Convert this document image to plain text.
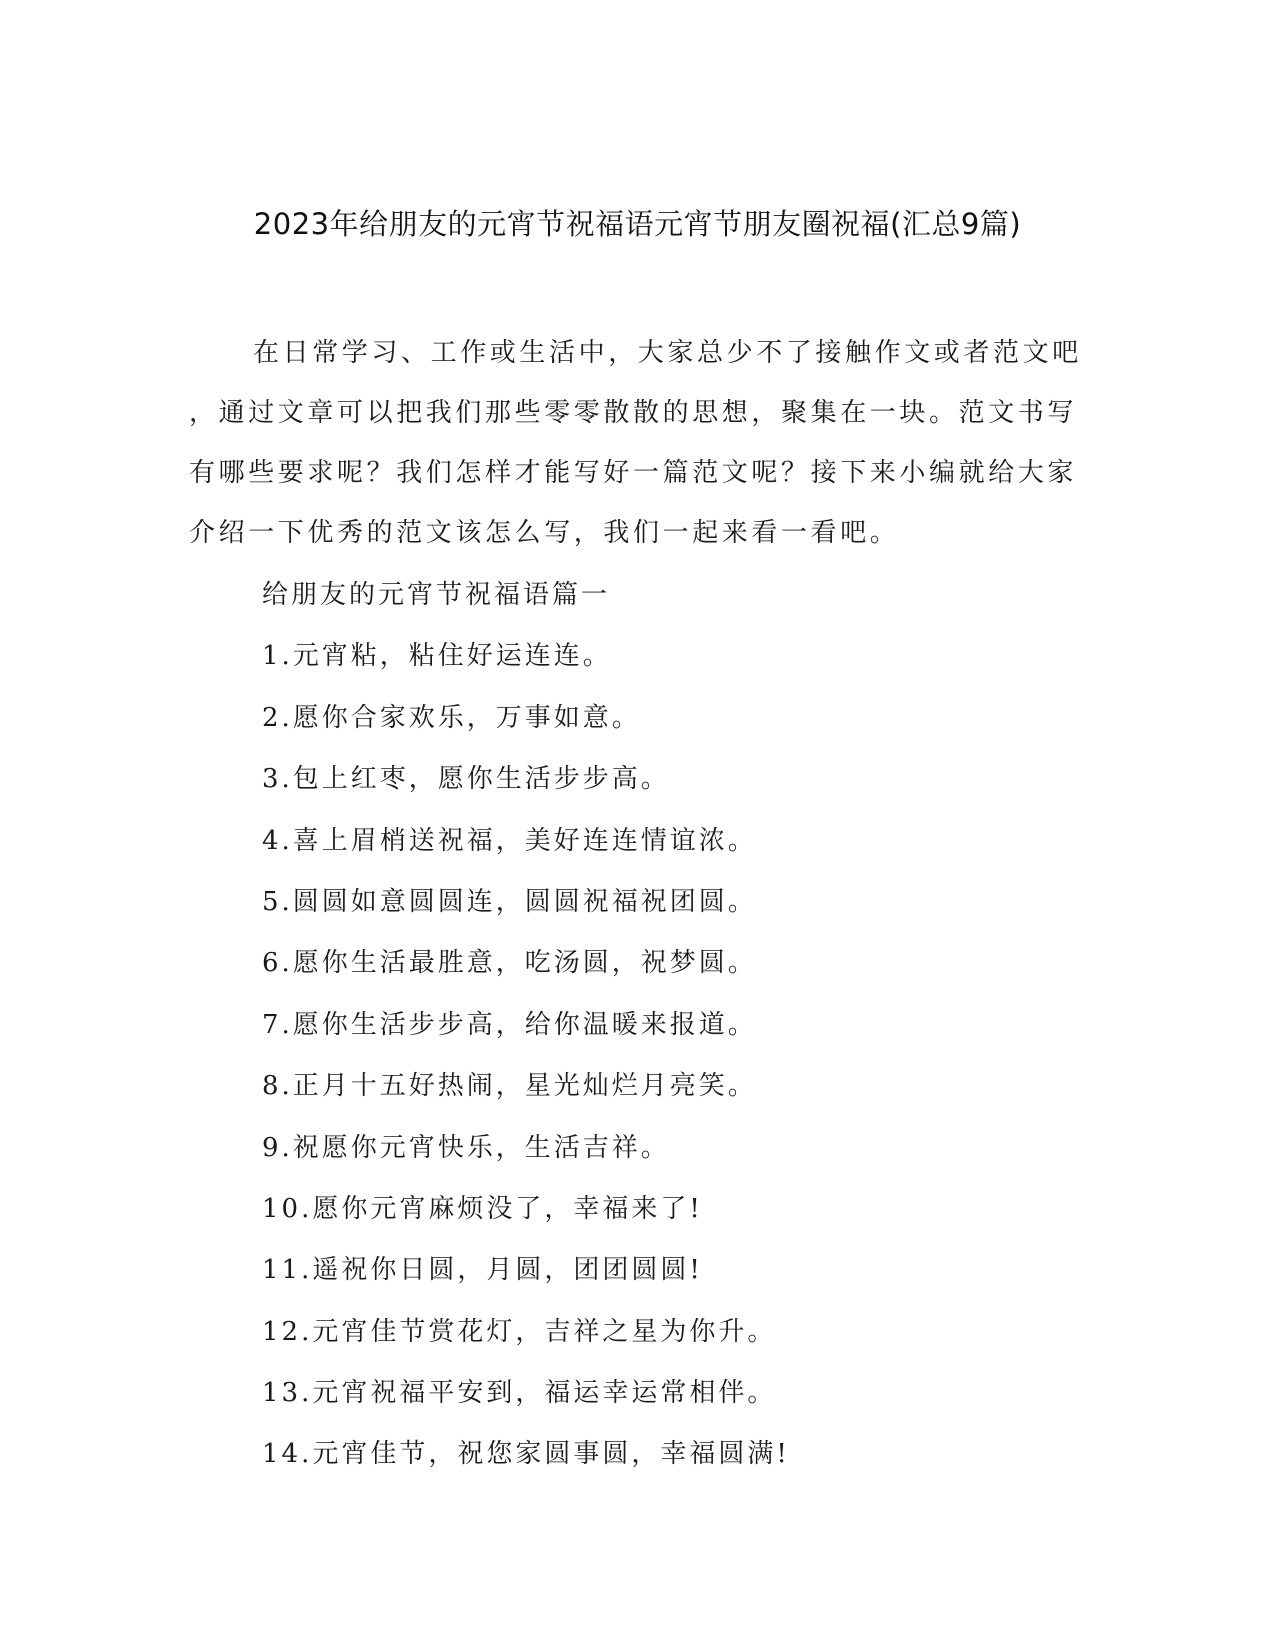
2023年给朋友的元宵节祝福语元宵节朋友圈祝福(汇总9篇)
在日常学习、工作或生活中，大家总少不了接触作文或者范文吧
，通过文章可以把我们那些零零散散的思想，聚集在一块。范文书写
有哪些要求呢？我们怎样才能写好一篇范文呢？接下来小编就给大家
介绍一下优秀的范文该怎么写，我们一起来看一看吧。
给朋友的元宵节祝福语篇一
1.元宵粘，粘住好运连连。
2.愿你合家欢乐，万事如意。
3.包上红枣，愿你生活步步高。
4.喜上眉梢送祝福，美好连连情谊浓。
5.圆圆如意圆圆连，圆圆祝福祝团圆。
6.愿你生活最胜意，吃汤圆，祝梦圆。
7.愿你生活步步高，给你温暖来报道。
8.正月十五好热闹，星光灿烂月亮笑。
9.祝愿你元宵快乐，生活吉祥。
10.愿你元宵麻烦没了，幸福来了!
11.遥祝你日圆，月圆，团团圆圆!
12.元宵佳节赏花灯，吉祥之星为你升。
13.元宵祝福平安到，福运幸运常相伴。
14.元宵佳节，祝您家圆事圆，幸福圆满!
